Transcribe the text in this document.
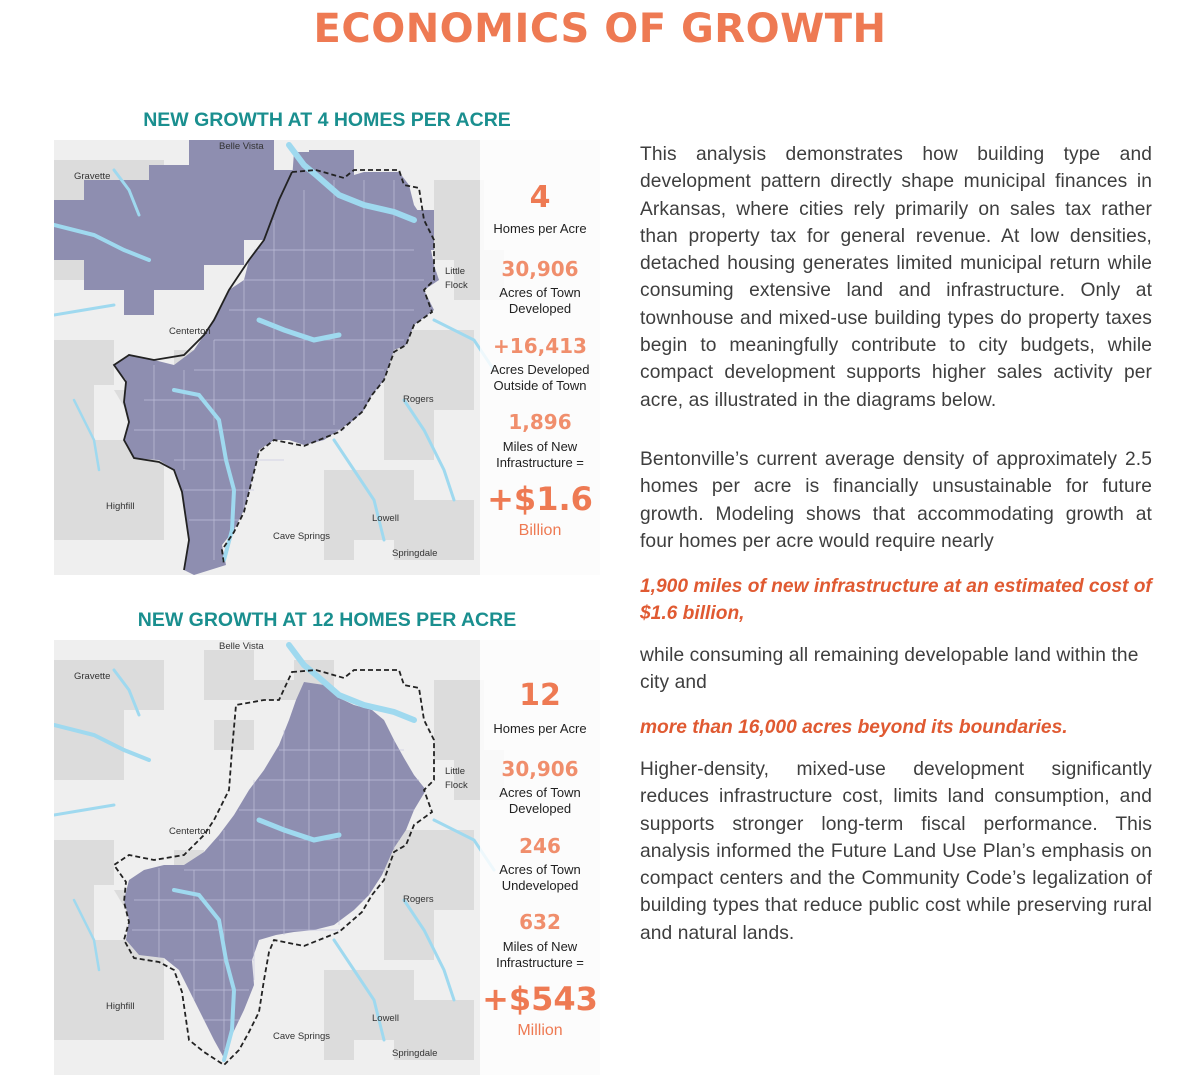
ECONOMICS OF GROWTH
NEW GROWTH AT 4 HOMES PER ACRE
Belle Vista
Gravette
Centerton
Little
Flock
Rogers
Highfill
Lowell
Cave Springs
Springdale
4
Homes per Acre
30,906
Acres of Town
Developed
+16,413
Acres Developed
Outside of Town
1,896
Miles of New
Infrastructure =
+$1.6
Billion
NEW GROWTH AT 12 HOMES PER ACRE
Belle Vista
Gravette
Centerton
Little
Flock
Rogers
Highfill
Lowell
Cave Springs
Springdale
12
Homes per Acre
30,906
Acres of Town
Developed
246
Acres of Town
Undeveloped
632
Miles of New
Infrastructure =
+$543
Million

This analysis demonstrates how building type and development pattern directly shape municipal finances in Arkansas, where cities rely primarily on sales tax rather than property tax for general revenue. At low densities, detached housing generates limited municipal return while consuming extensive land and infrastructure. Only at townhouse and mixed-use building types do property taxes begin to meaningfully contribute to city budgets, while compact development supports higher sales activity per acre, as illustrated in the diagrams below.

Bentonville’s current average density of approximately 2.5 homes per acre is financially unsustainable for future growth. Modeling shows that accommodating growth at four homes per acre would require nearly

1,900 miles of new infrastructure at an estimated cost of $1.6 billion,

while consuming all remaining developable land within the city and

more than 16,000 acres beyond its boundaries.

Higher-density, mixed-use development significantly reduces infrastructure cost, limits land consumption, and supports stronger long-term fiscal performance. This analysis informed the Future Land Use Plan’s emphasis on compact centers and the Community Code’s legalization of building types that reduce public cost while preserving rural and natural lands.
